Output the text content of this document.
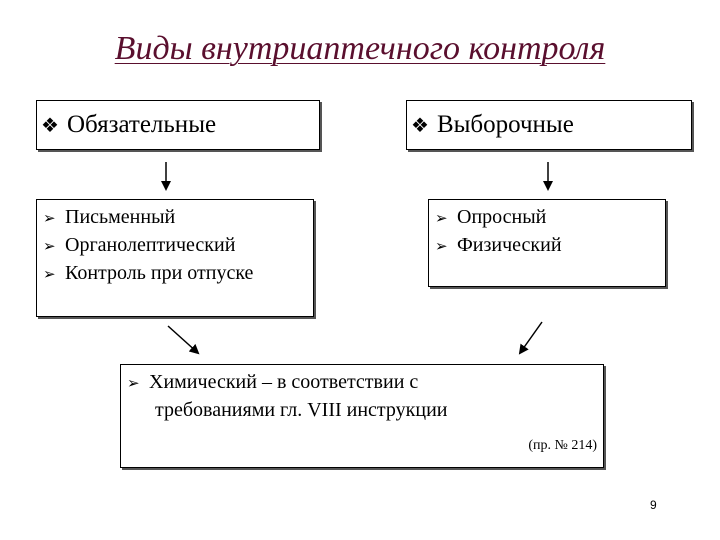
Виды внутриаптечного контроля
❖ Обязательные	❖ Выборочные
➢ Письменный
➢ Органолептический
➢ Контроль при отпуске
➢ Опросный
➢ Физический
➢ Химический – в соответствии с
требованиями гл. VIII инструкции
(пр. № 214)
9
